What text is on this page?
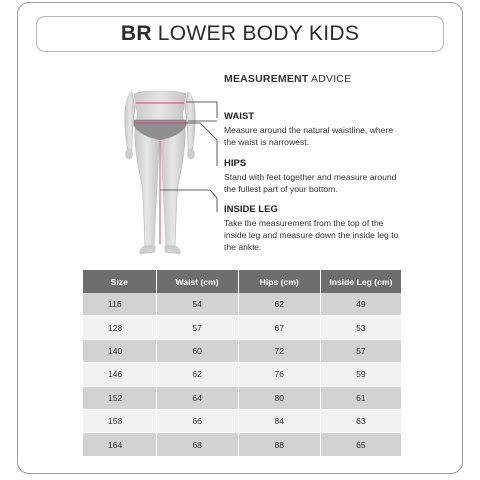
BR LOWER BODY KIDS
MEASUREMENT ADVICE
WAIST
Measure around the natural waistline, where the waist is narrowest.
HIPS
Stand with feet together and measure around the fullest part of your bottom.
INSIDE LEG
Take the measurement from the top of the inside leg and measure down the inside leg to the ankle.
Size	Waist (cm)	Hips (cm)	Inside Leg (cm)
116	54	62	49
128	57	67	53
140	60	72	57
146	62	76	59
152	64	80	61
158	66	84	63
164	68	88	65
